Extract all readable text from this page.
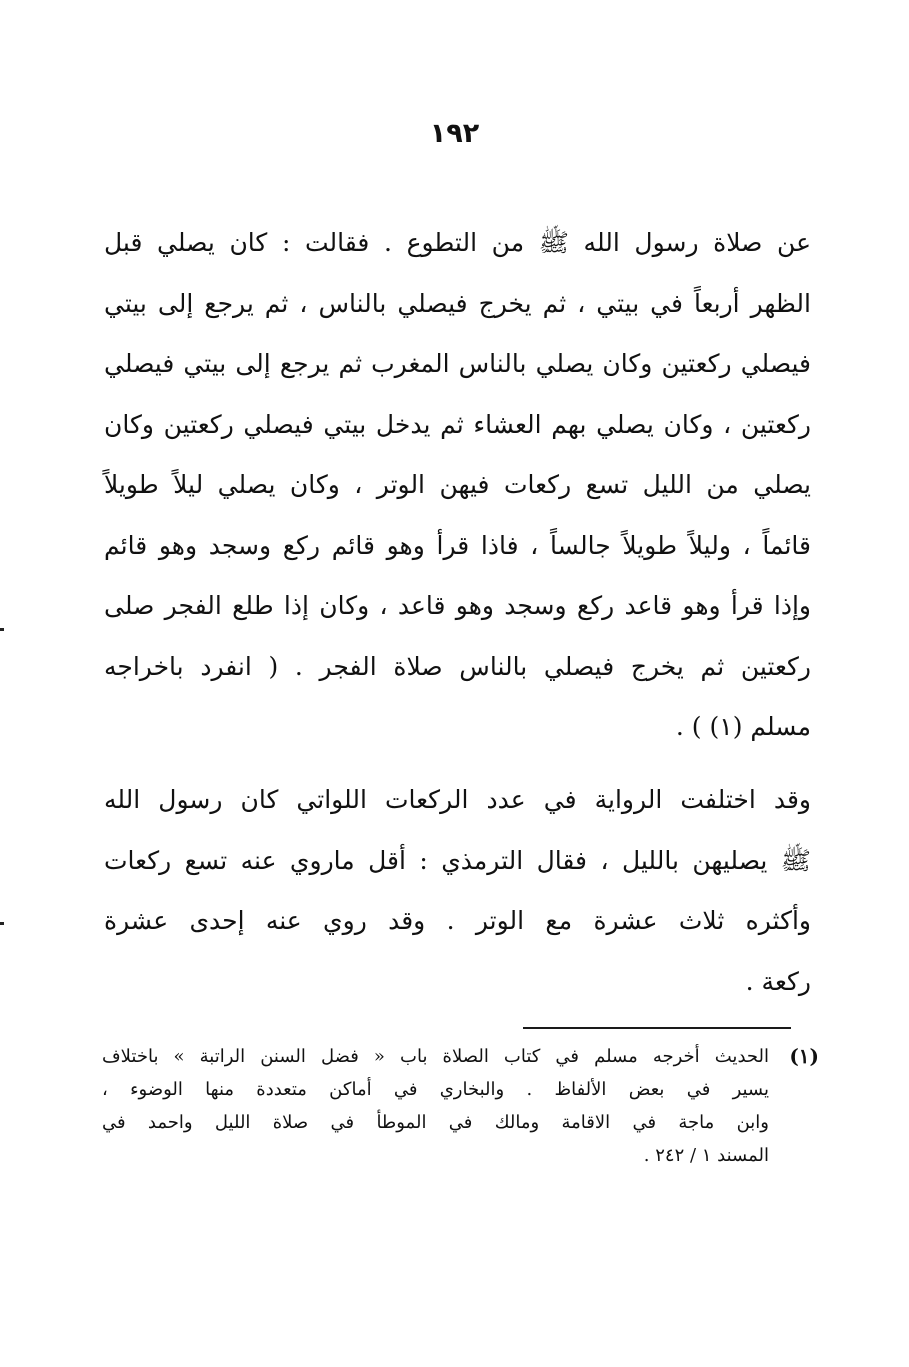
١٩٢
عن صلاة رسول الله ﷺ من التطوع . فقالت : كان يصلي قبل
الظهر أربعاً في بيتي ، ثم يخرج فيصلي بالناس ، ثم يرجع إلى بيتي
فيصلي ركعتين وكان يصلي بالناس المغرب ثم يرجع إلى بيتي فيصلي
ركعتين ، وكان يصلي بهم العشاء ثم يدخل بيتي فيصلي ركعتين وكان
يصلي من الليل تسع ركعات فيهن الوتر ، وكان يصلي ليلاً طويلاً
قائماً ، وليلاً طويلاً جالساً ، فاذا قرأ وهو قائم ركع وسجد وهو قائم
وإذا قرأ وهو قاعد ركع وسجد وهو قاعد ، وكان إذا طلع الفجر صلى
ركعتين ثم يخرج فيصلي بالناس صلاة الفجر . ( انفرد باخراجه
مسلم (١) ) .
وقد اختلفت الرواية في عدد الركعات اللواتي كان رسول الله
ﷺ يصليهن بالليل ، فقال الترمذي : أقل ماروي عنه تسع ركعات
وأكثره ثلاث عشرة مع الوتر . وقد روي عنه إحدى عشرة
ركعة .
(١)
الحديث أخرجه مسلم في كتاب الصلاة باب « فضل السنن الراتبة » باختلاف
يسير في بعض الألفاظ . والبخاري في أماكن متعددة منها الوضوء ،
وابن ماجة في الاقامة ومالك في الموطأ في صلاة الليل واحمد في
المسند ١ / ٢٤٢ .
